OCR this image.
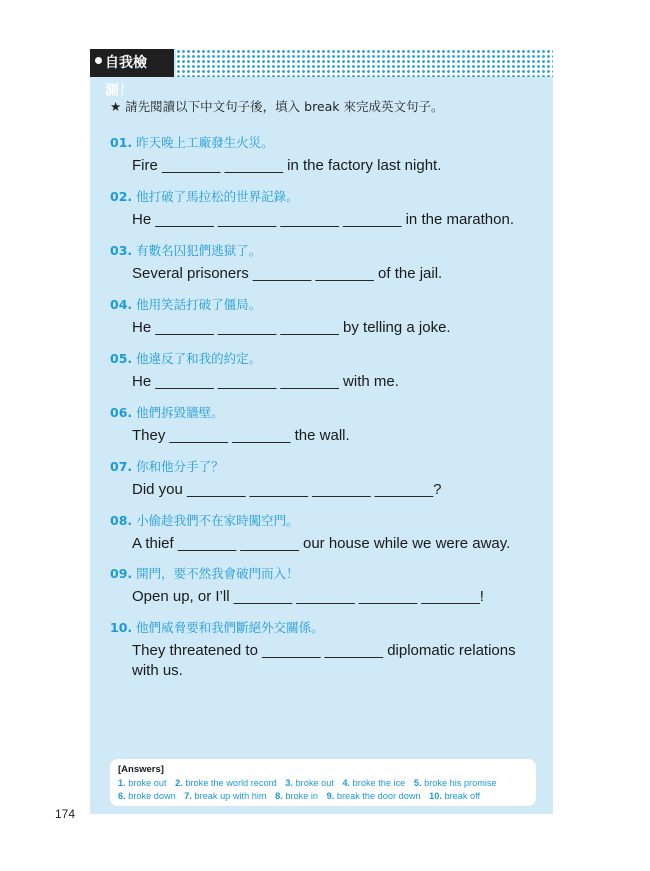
自我檢測！
★ 請先閱讀以下中文句子後，填入 break 來完成英文句子。
01. 昨天晚上工廠發生火災。
Fire _______ _______ in the factory last night.
02. 他打破了馬拉松的世界記錄。
He _______ _______ _______ _______ in the marathon.
03. 有數名囚犯們逃獄了。
Several prisoners _______ _______ of the jail.
04. 他用笑話打破了僵局。
He _______ _______ _______ by telling a joke.
05. 他違反了和我的約定。
He _______ _______ _______ with me.
06. 他們拆毀牆壁。
They _______ _______ the wall.
07. 你和他分手了？
Did you _______ _______ _______ _______?
08. 小偷趁我們不在家時闖空門。
A thief _______ _______ our house while we were away.
09. 開門，要不然我會破門而入！
Open up, or I’ll _______ _______ _______ _______!
10. 他們威脅要和我們斷絕外交關係。
They threatened to _______ _______ diplomatic relations
with us.
[Answers]
1. broke out 2. broke the world record 3. broke out 4. broke the ice 5. broke his promise
6. broke down 7. break up with him 8. broke in 9. break the door down 10. break off
174
